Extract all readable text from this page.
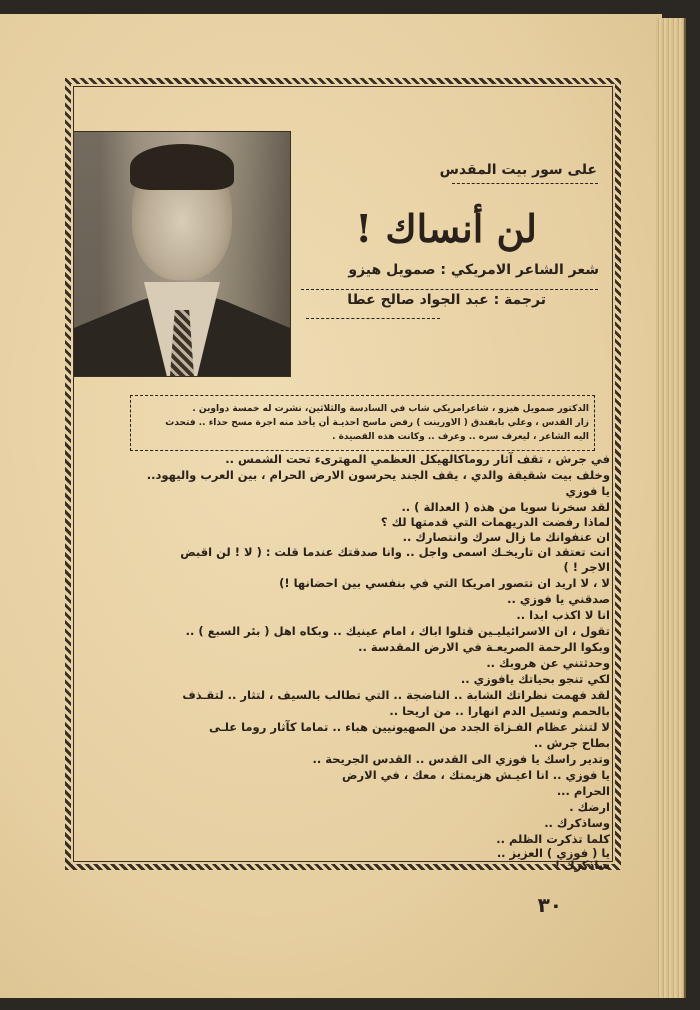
على سور بيت المقدس
لن أنساك !
شعر الشاعر الامريكي : صمويل هيزو
ترجمة : عبد الجواد صالح عطا
الدكتور صمويل هيزو ، شاعرامريكي شاب في السادسة والثلاثين، نشرت له خمسة دواوين .
زار القدس ، وعلي بابفندق ( الاورينت ) رفض ماسح احذيـة أن يأخذ منه اجرة مسح حذاء .. فتحدث
اليه الشاعر ، ليعرف سره .. وعرف .. وكانت هذه القصيدة .
في جرش ، تقف آثار روماكالهيكل العظمي المهترىء تحت الشمس ..
وخلف بيت شقيقة والدي ، يقف الجند يحرسون الارض الحرام ، بين العرب واليهود..
يا فوزي
لقد سخرنا سويا من هذه ( العدالة ) ..
لماذا رفضت الدريهمات التي قدمتها لك ؟
ان عنفوانك ما زال سرك وانتصارك ..
انت تعتقد ان تاريخـك اسمى واجل .. وانا صدقتك عندما قلت : ( لا ! لن اقبض
الاجر ! )
لا ، لا اريد ان تتصور امريكا التي في بنفسي بين احضانها !)
صدقني يا فوزي ..
انا لا اكذب ابدا ..
تقول ، ان الاسرائيليـين قتلوا اباك ، امام عينيك .. وبكاه اهل ( بئر السبع ) ..
وبكوا الرحمة الصريعـة في الارض المقدسة ..
وحدثتني عن هروبك ..
لكي تنجو بحياتك يافوزي ..
لقد فهمت نظراتك الشابة .. الناضجة .. التي تطالب بالسيف ، لتثار .. لتقـذف
بالحمم وتسيل الدم انهارا .. من اريحا ..
لا لتنثر عظام الفـزاة الجدد من الصهيونيين هباء .. تماما كآثار روما علـى
بطاح جرش ..
وتدير راسك يا فوزي الى القدس .. القدس الجريحة ..
يا فوزي .. انا اعيـش هزيمتك ، معك ، في الارض
الحرام ...
ارضك .
وساذكرك ..
كلما تذكرت الظلم ..
يا ( فوزي ) العزيز ..
ساذكرك !
٣٠
